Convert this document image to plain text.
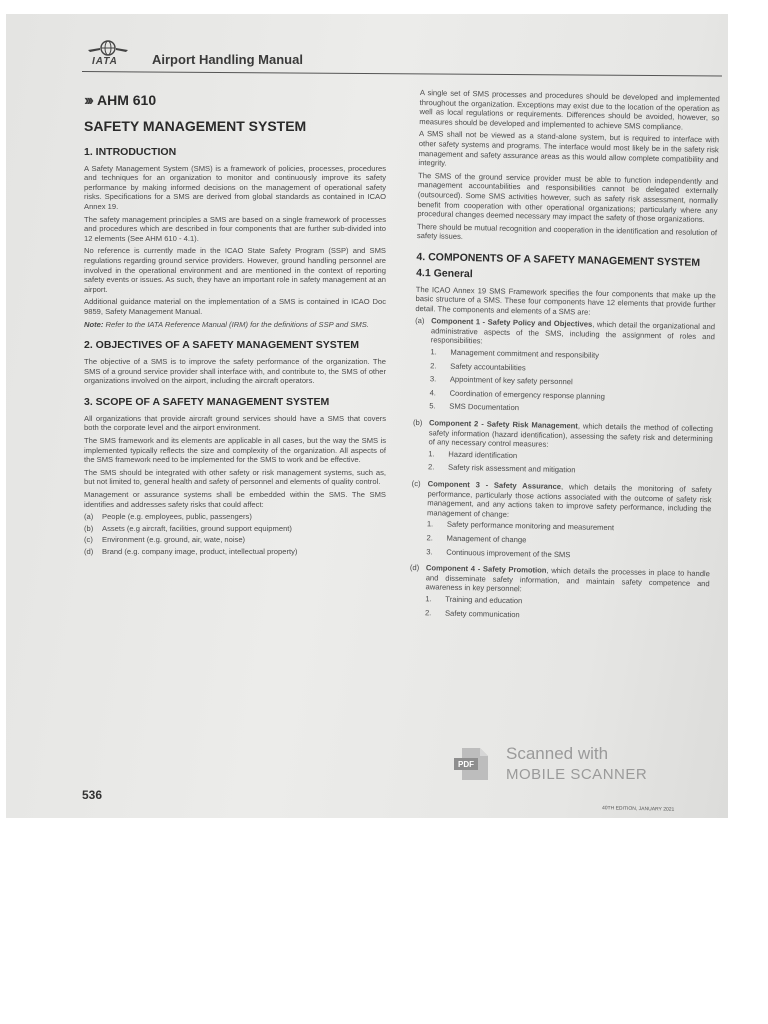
IATA	Airport Handling Manual
››› AHM 610
SAFETY MANAGEMENT SYSTEM
1. INTRODUCTION

A Safety Management System (SMS) is a framework of policies, processes, procedures and techniques for an organization to monitor and continuously improve its safety performance by making informed decisions on the management of operational safety risks. Specifications for a SMS are derived from global standards as contained in ICAO Annex 19.

The safety management principles a SMS are based on a single framework of processes and procedures which are described in four components that are further sub-divided into 12 elements (See AHM 610 - 4.1).

No reference is currently made in the ICAO State Safety Program (SSP) and SMS regulations regarding ground service providers. However, ground handling personnel are involved in the operational environment and are mentioned in the context of reporting safety events or issues. As such, they have an important role in safety management at an airport.

Additional guidance material on the implementation of a SMS is contained in ICAO Doc 9859, Safety Management Manual.

Note: Refer to the IATA Reference Manual (IRM) for the definitions of SSP and SMS.

2. OBJECTIVES OF A SAFETY MANAGEMENT SYSTEM

The objective of a SMS is to improve the safety performance of the organization. The SMS of a ground service provider shall interface with, and contribute to, the SMS of other organizations involved on the airport, including the aircraft operators.

3. SCOPE OF A SAFETY MANAGEMENT SYSTEM

All organizations that provide aircraft ground services should have a SMS that covers both the corporate level and the airport environment.

The SMS framework and its elements are applicable in all cases, but the way the SMS is implemented typically reflects the size and complexity of the organization. All aspects of the SMS framework need to be implemented for the SMS to work and be effective.

The SMS should be integrated with other safety or risk management systems, such as, but not limited to, general health and safety of personnel and elements of quality control.

Management or assurance systems shall be embedded within the SMS. The SMS identifies and addresses safety risks that could affect:

(a)	People (e.g. employees, public, passengers)
(b)	Assets (e.g aircraft, facilities, ground support equipment)
(c)	Environment (e.g. ground, air, wate, noise)
(d)	Brand (e.g. company image, product, intellectual property)

A single set of SMS processes and procedures should be developed and implemented throughout the organization. Exceptions may exist due to the location of the operation as well as local regulations or requirements. Differences should be avoided, however, so measures should be developed and implemented to achieve SMS compliance.

A SMS shall not be viewed as a stand-alone system, but is required to interface with other safety systems and programs. The interface would most likely be in the safety risk management and safety assurance areas as this would allow complete compatibility and integrity.

The SMS of the ground service provider must be able to function independently and management accountabilities and responsibilities cannot be delegated externally (outsourced). Some SMS activities however, such as safety risk assessment, normally benefit from cooperation with other operational organizations; particularly where any procedural changes deemed necessary may impact the safety of those organizations.

There should be mutual recognition and cooperation in the identification and resolution of safety issues.

4. COMPONENTS OF A SAFETY MANAGEMENT SYSTEM
4.1 General

The ICAO Annex 19 SMS Framework specifies the four components that make up the basic structure of a SMS. These four components have 12 elements that provide further detail. The components and elements of a SMS are:

(a) Component 1 - Safety Policy and Objectives, which detail the organizational and administrative aspects of the SMS, including the assignment of roles and responsibilities:
1.	Management commitment and responsibility
2.	Safety accountabilities
3.	Appointment of key safety personnel
4.	Coordination of emergency response planning
5.	SMS Documentation
(b) Component 2 - Safety Risk Management, which details the method of collecting safety information (hazard identification), assessing the safety risk and determining of any necessary control measures:
1.	Hazard identification
2.	Safety risk assessment and mitigation
(c) Component 3 - Safety Assurance, which details the monitoring of safety performance, particularly those actions associated with the outcome of safety risk management, and any actions taken to improve safety performance, including the management of change:
1.	Safety performance monitoring and measurement
2.	Management of change
3.	Continuous improvement of the SMS
(d) Component 4 - Safety Promotion, which details the processes in place to handle and disseminate safety information, and maintain safety competence and awareness in key personnel:
1.	Training and education
2.	Safety communication
536
40TH EDITION, JANUARY 2021
PDF
Scanned with
MOBILE SCANNER
